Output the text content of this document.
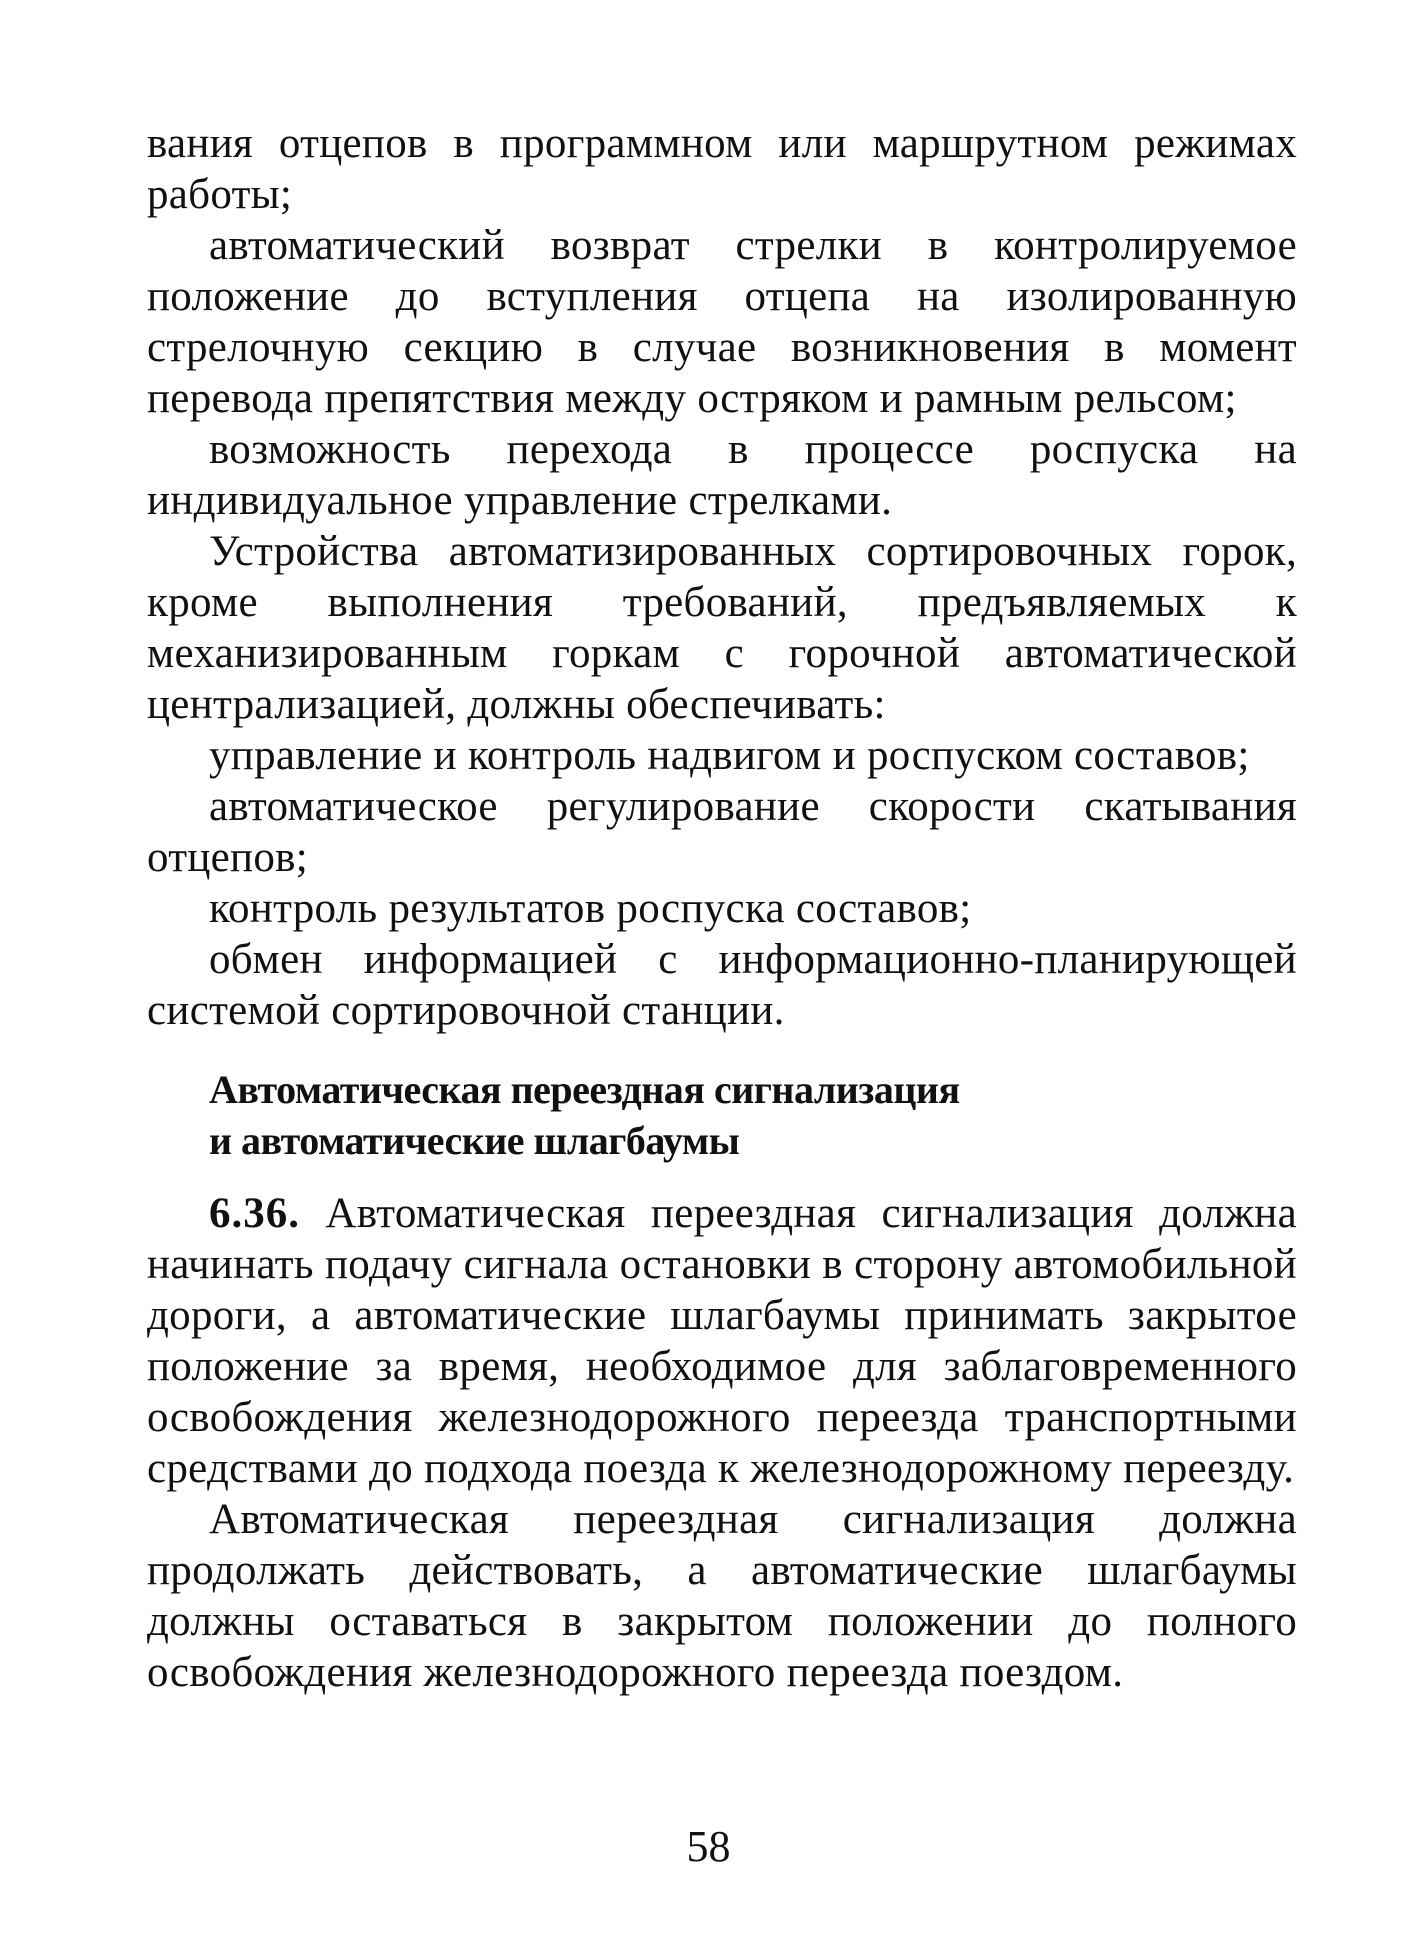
вания отцепов в программном или маршрутном режимах работы;

автоматический возврат стрелки в контролируемое положение до вступления отцепа на изолированную стрелочную секцию в случае возникновения в момент перевода препятствия между остряком и рамным рельсом;

возможность перехода в процессе роспуска на индивидуальное управление стрелками.

Устройства автоматизированных сортировочных горок, кроме выполнения требований, предъявляемых к механизированным горкам с горочной автоматической централизацией, должны обеспечивать:

управление и контроль надвигом и роспуском составов;

автоматическое регулирование скорости скатывания отцепов;

контроль результатов роспуска составов;

обмен информацией с информационно-планирующей системой сортировочной станции.

Автоматическая переездная сигнализация
и автоматические шлагбаумы

6.36. Автоматическая переездная сигнализация должна начинать подачу сигнала остановки в сторону автомобильной дороги, а автоматические шлагбаумы принимать закрытое положение за время, необходимое для заблаговременного освобождения железнодорожного переезда транспортными средствами до подхода поезда к железнодорожному переезду.

Автоматическая переездная сигнализация должна продолжать действовать, а автоматические шлагбаумы должны оставаться в закрытом положении до полного освобождения железнодорожного переезда поездом.

58
